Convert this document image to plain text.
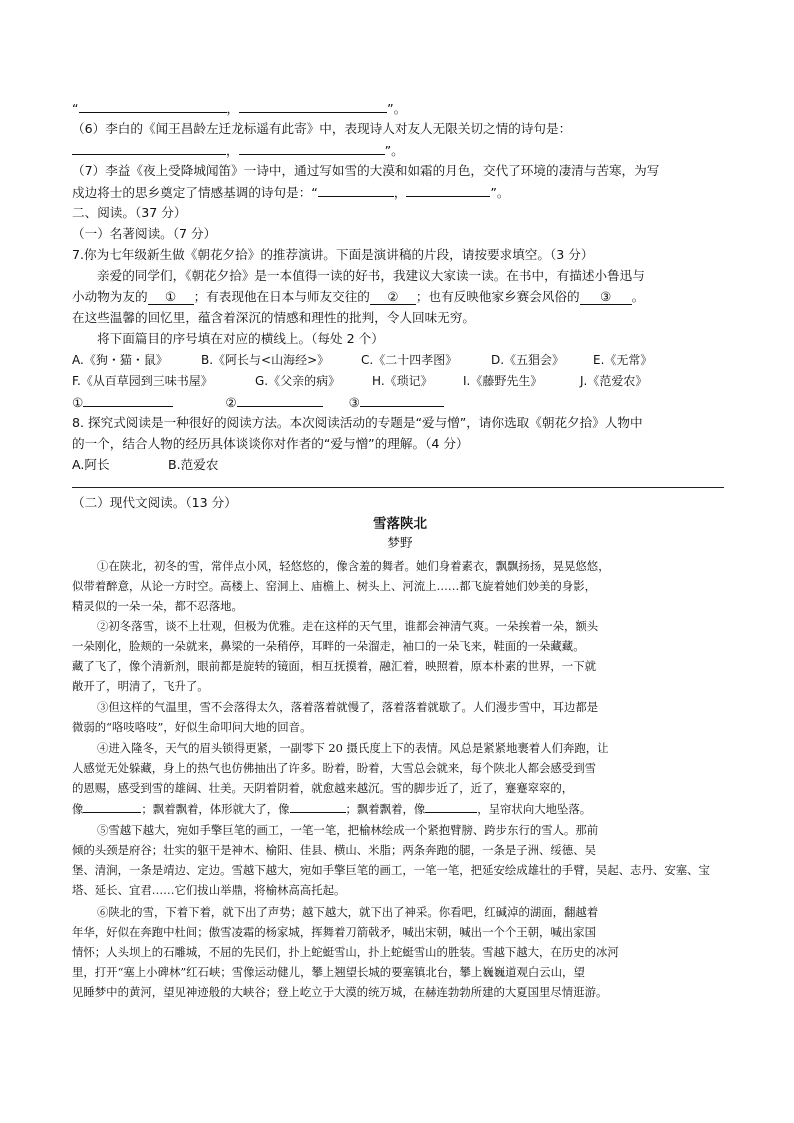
“	，	”。
（6）李白的《闻王昌龄左迁龙标遥有此寄》中，表现诗人对友人无限关切之情的诗句是：
，	”。
（7）李益《夜上受降城闻笛》一诗中，通过写如雪的大漠和如霜的月色，交代了环境的凄清与苦寒，为写
戍边将士的思乡奠定了情感基调的诗句是：“	，	”。
二、阅读。（37 分）
（一）名著阅读。（7 分）
7.你为七年级新生做《朝花夕拾》的推荐演讲。下面是演讲稿的片段，请按要求填空。（3 分）
亲爱的同学们，《朝花夕拾》是一本值得一读的好书，我建议大家读一读。在书中，有描述小鲁迅与
小动物为友的 ① ；有表现他在日本与师友交往的 ② ；也有反映他家乡赛会风俗的 ③ 。
在这些温馨的回忆里，蕴含着深沉的情感和理性的批判，令人回味无穷。
将下面篇目的序号填在对应的横线上。（每处 2 个）
A.《狗・猫・鼠》	B.《阿长与<山海经>》	C.《二十四孝图》	D.《五猖会》 E.《无常》
F.《从百草园到三味书屋》	G.《父亲的病》	H.《琐记》	I.《藤野先生》	J.《范爱农》
①	②	③
8. 探究式阅读是一种很好的阅读方法。本次阅读活动的专题是“爱与憎”，请你选取《朝花夕拾》人物中
的一个，结合人物的经历具体谈谈你对作者的“爱与憎”的理解。（4 分）
A.阿长	B.范爱农
（二）现代文阅读。（13 分）
雪落陕北
梦野
①在陕北，初冬的雪，常伴点小风，轻悠悠的，像含羞的舞者。她们身着素衣，飘飘扬扬，晃晃悠悠，
似带着醉意，从论一方时空。高楼上、窑洞上、庙檐上、树头上、河流上……都飞旋着她们妙美的身影，
精灵似的一朵一朵，都不忍落地。
②初冬落雪，谈不上壮观，但极为优雅。走在这样的天气里，谁都会神清气爽。一朵挨着一朵，额头
一朵刚化，脸颊的一朵就来，鼻梁的一朵稍停，耳畔的一朵溜走，袖口的一朵飞来，鞋面的一朵藏藏。
藏了飞了，像个清新剂，眼前都是旋转的镜面，相互抚摸着，融汇着，映照着，原本朴素的世界，一下就
敞开了，明清了，飞升了。
③但这样的气温里，雪不会落得太久，落着落着就慢了，落着落着就歇了。人们漫步雪中，耳边都是
微弱的“咯吱咯吱”，好似生命叩问大地的回音。
④进入隆冬，天气的眉头锁得更紧，一副零下 20 摄氏度上下的表情。风总是紧紧地裹着人们奔跑，让
人感觉无处躲藏，身上的热气也仿佛抽出了许多。盼着，盼着，大雪总会就来，每个陕北人都会感受到雪
的恩赐，感受到雪的雄阔、壮美。天阴着阴着，就愈越来越沉。雪的脚步近了，近了，蹇蹇窣窣的，
像	；飘着飘着，体形就大了，像	；飘着飘着，像	，呈帘状向大地坠落。
⑤雪越下越大，宛如手擎巨笔的画工，一笔一笔，把榆林绘成一个紧抱臂膀、跨步东行的雪人。那前
倾的头颈是府谷；壮实的躯干是神木、榆阳、佳县、横山、米脂；两条奔跑的腿，一条是子洲、绥德、吴
堡、清涧，一条是靖边、定边。雪越下越大，宛如手擎巨笔的画工，一笔一笔，把延安绘成雄壮的手臂，吴起、志丹、安塞、宝
塔、延长、宜君……它们拔山举鼎，将榆林高高托起。
⑥陕北的雪，下着下着，就下出了声势；越下越大，就下出了神采。你看吧，红碱淖的湖面，翻越着
年华，好似在奔跑中杜间；傲雪凌霜的杨家城，挥舞着刀箭戟矛，喊出宋朝，喊出一个个王朝，喊出家国
情怀；人头坝上的石雕城，不屈的先民们，扑上蛇蜓雪山，扑上蛇蜓雪山的胜装。雪越下越大，在历史的冰河
里，打开“塞上小碑林”红石峡；雪像运动健儿，攀上翘望长城的要塞镇北台，攀上巍巍道观白云山，望
见睡梦中的黄河，望见神迹般的大峡谷；登上屹立于大漠的统万城，在赫连勃勃所建的大夏国里尽情逛游。
